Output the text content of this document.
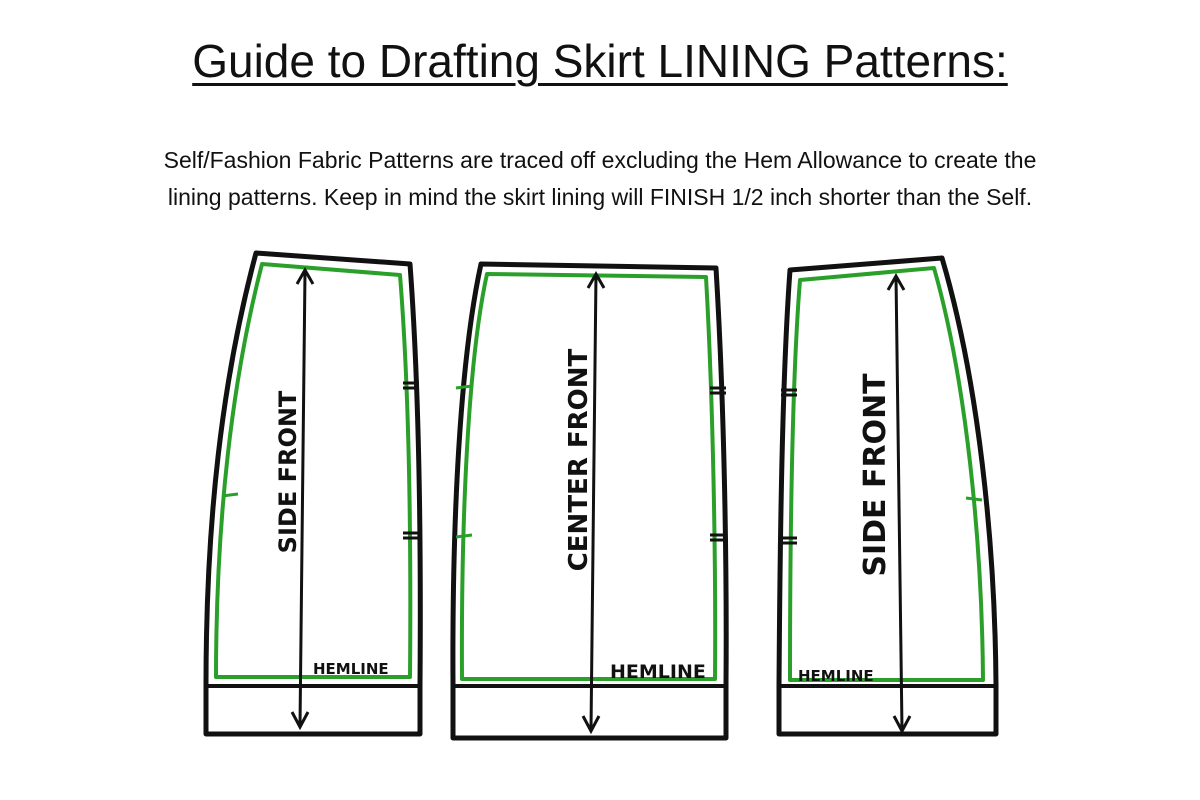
Guide to Drafting Skirt LINING Patterns:

Self/Fashion Fabric Patterns are traced off excluding the Hem Allowance to create the
lining patterns. Keep in mind the skirt lining will FINISH 1/2 inch shorter than the Self.

SIDE FRONT
HEMLINE
CENTER FRONT
HEMLINE
SIDE FRONT
HEMLINE
